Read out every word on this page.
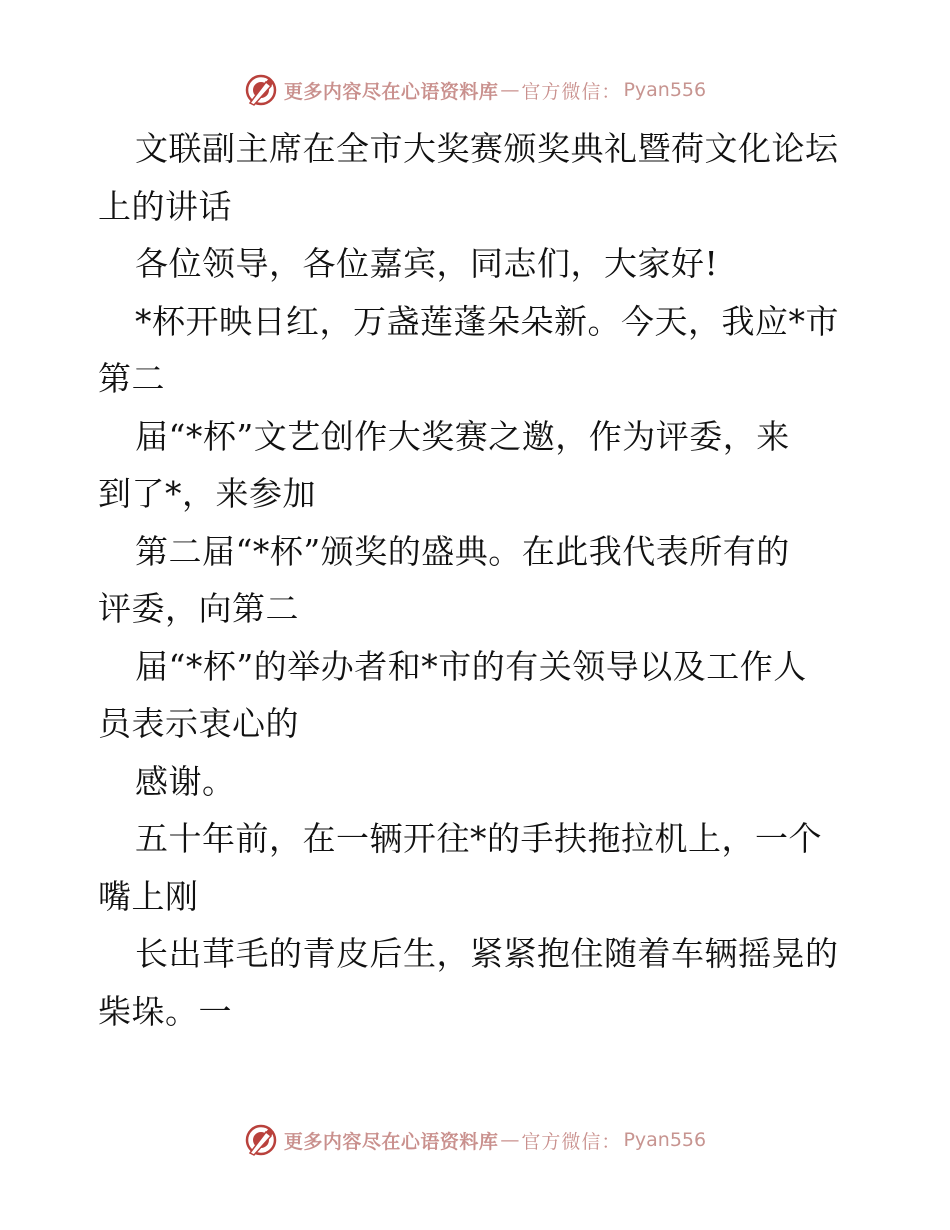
更多内容尽在心语资料库 — 官方微信： Pyan556
文联副主席在全市大奖赛颁奖典礼暨荷文化论坛
上的讲话
各位领导，各位嘉宾，同志们，大家好!
*杯开映日红，万盏莲蓬朵朵新。今天，我应*市
第二
届“*杯”文艺创作大奖赛之邀，作为评委，来
到了*，来参加
第二届“*杯”颁奖的盛典。在此我代表所有的
评委，向第二
届“*杯”的举办者和*市的有关领导以及工作人
员表示衷心的
感谢。
五十年前，在一辆开往*的手扶拖拉机上，一个
嘴上刚
长出茸毛的青皮后生，紧紧抱住随着车辆摇晃的
柴垛。一
更多内容尽在心语资料库 — 官方微信： Pyan556
